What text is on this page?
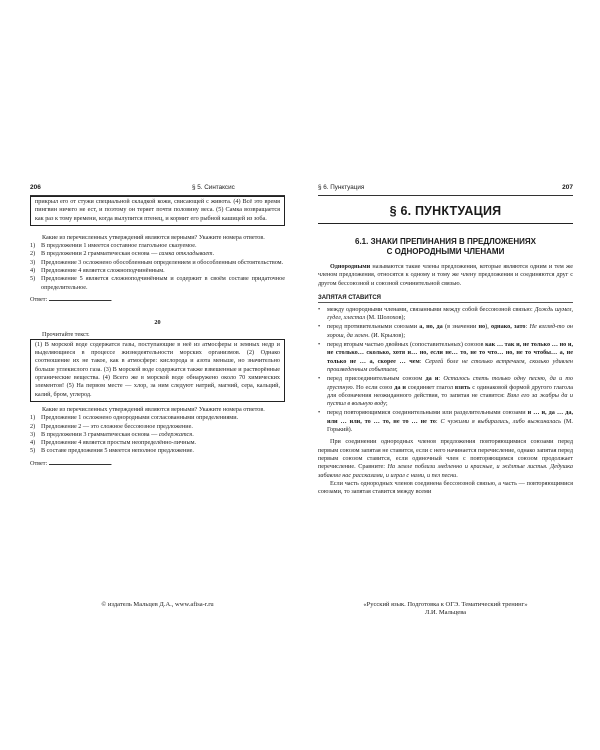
206	§ 5. Синтаксис
прикрыл его от стужи специальной складкой кожи, свисающей с живота. (4) Всё это время пингвин ничего не ест, и поэтому он теряет почти половину веса. (5) Самка возвращается как раз к тому времени, когда вылупится птенец, и кормит его рыбной кашицей из зоба.

Какие из перечисленных утверждений являются верными? Укажите номера ответов.

1) В предложении 1 имеется составное глагольное сказуемое.
2) В предложении 2 грамматическая основа — самка откладывает.
3) Предложение 3 осложнено обособленным определением и обособленным обстоятельством.
4) Предложение 4 является сложноподчинённым.
5) Предложение 5 является сложноподчинённым и содержит в своём составе придаточное определительное.

Ответ:	.

20

Прочитайте текст.

(1) В морской воде содержатся газы, поступающие в неё из атмосферы и земных недр и выделяющиеся в процессе жизнедеятельности морских организмов. (2) Однако соотношение их не такое, как в атмосфере: кислорода и азота меньше, но значительно больше углекислого газа. (3) В морской воде содержатся также взвешенные и растворённые органические вещества. (4) Всего же в морской воде обнаружено около 70 химических элементов! (5) На первом месте — хлор, за ним следуют натрий, магний, сера, кальций, калий, бром, углерод.

Какие из перечисленных утверждений являются верными? Укажите номера ответов.

1) Предложение 1 осложнено однородными согласованными определениями.
2) Предложение 2 — это сложное бессоюзное предложение.
3) В предложении 3 грамматическая основа — содержатся.
4) Предложение 4 является простым неопределённо-личным.
5) В составе предложения 5 имеется неполное предложение.

Ответ:	.

© издатель Мальцев Д.А., www.afisa-r.ru
§ 6. Пунктуация	207
§ 6. ПУНКТУАЦИЯ
6.1. ЗНАКИ ПРЕПИНАНИЯ В ПРЕДЛОЖЕНИЯХ
С ОДНОРОДНЫМИ ЧЛЕНАМИ

Однородными называются такие члены предложения, которые являются одним и тем же членом предложения, относятся к одному и тому же члену предложения и соединяются друг с другом бессоюзной и союзной сочинительной связью.

ЗАПЯТАЯ СТАВИТСЯ
• между однородными членами, связанными между собой бессоюзной связью: Дождь шумел, гудел, хлестал (М. Шолохов);
• перед противительными союзами а, но, да (в значении но), однако, зато: Не взгляд-то он хорош, да зелен. (И. Крылов);
• перед вторым частью двойных (сопоставительных) союзов как … так и, не только … но и, не столько… сколько, хотя и… но, если не… то, не то что… но, не то чтобы… а, не только не … а, скорее … чем: Сергей боле не столько встречаем, сколько удивлен произведенным событием;
• перед присоединительным союзом да и: Осталось спеть только одну песню, да и то грустную. Но если союз да и соединяет глагол взять с одинаковой формой другого глагола для обозначения неожиданного действия, то запятая не ставится: Взял его за жабры да и пустил в вольную воду;
• перед повторяющимися соединительными или разделительными союзами и … и, да … да, или … или, то … то, не то … не то: С чужими я выбирались, либо выжиналась (М. Горький).

При соединении однородных членов предложения повторяющимися союзами перед первым союзом запятая не ставится, если с него начинается перечисление, однако запятая перед первым союзом ставится, если одиночный член с повторяющимся союзом продолжает перечисление. Сравните: На земле поблизи медленно и красные, и жёлтые листья. Дедушка забавлял нас рассказами, и играл с нами, и пел песни.

Если часть однородных членов соединена бессоюзной связью, а часть — повторяющимися союзами, то запятая ставится между всеми

«Русский язык. Подготовка к ОГЭ. Тематический тренинг»
Л.И. Мальцева
